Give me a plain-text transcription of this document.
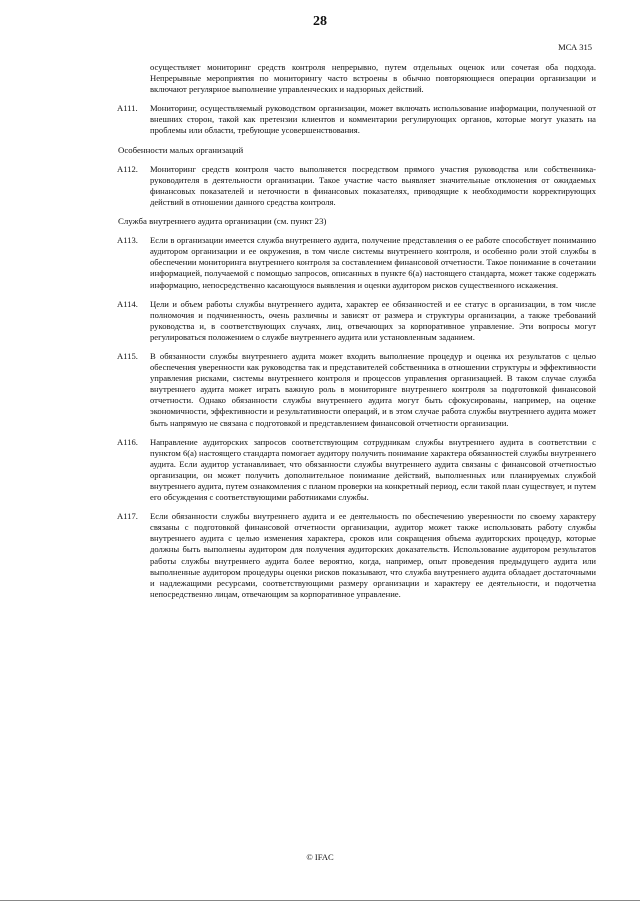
28
МСА 315

осуществляет мониторинг средств контроля непрерывно, путем отдельных оценок или сочетая оба подхода. Непрерывные мероприятия по мониторингу часто встроены в обычно повторяющиеся операции организации и включают регулярное выполнение управленческих и надзорных действий.

A111. Мониторинг, осуществляемый руководством организации, может включать использование информации, полученной от внешних сторон, такой как претензии клиентов и комментарии регулирующих органов, которые могут указать на проблемы или области, требующие усовершенствования.

Особенности малых организаций

A112. Мониторинг средств контроля часто выполняется посредством прямого участия руководства или собственника-руководителя в деятельности организации. Такое участие часто выявляет значительные отклонения от ожидаемых финансовых показателей и неточности в финансовых показателях, приводящие к необходимости корректирующих действий в отношении данного средства контроля.

Служба внутреннего аудита организации (см. пункт 23)

A113. Если в организации имеется служба внутреннего аудита, получение представления о ее работе способствует пониманию аудитором организации и ее окружения, в том числе системы внутреннего контроля, и особенно роли этой службы в обеспечении мониторинга внутреннего контроля за составлением финансовой отчетности. Такое понимание в сочетании информацией, получаемой с помощью запросов, описанных в пункте 6(а) настоящего стандарта, может также содержать информацию, непосредственно касающуюся выявления и оценки аудитором рисков существенного искажения.

A114. Цели и объем работы службы внутреннего аудита, характер ее обязанностей и ее статус в организации, в том числе полномочия и подчиненность, очень различны и зависят от размера и структуры организации, а также требований руководства и, в соответствующих случаях, лиц, отвечающих за корпоративное управление. Эти вопросы могут регулироваться положением о службе внутреннего аудита или установленным заданием.

A115. В обязанности службы внутреннего аудита может входить выполнение процедур и оценка их результатов с целью обеспечения уверенности как руководства так и представителей собственника в отношении структуры и эффективности управления рисками, системы внутреннего контроля и процессов управления организацией. В таком случае служба внутреннего аудита может играть важную роль в мониторинге внутреннего контроля за подготовкой финансовой отчетности. Однако обязанности службы внутреннего аудита могут быть сфокусированы, например, на оценке экономичности, эффективности и результативности операций, и в этом случае работа службы внутреннего аудита может быть напрямую не связана с подготовкой и представлением финансовой отчетности организации.

A116. Направление аудиторских запросов соответствующим сотрудникам службы внутреннего аудита в соответствии с пунктом 6(а) настоящего стандарта помогает аудитору получить понимание характера обязанностей службы внутреннего аудита. Если аудитор устанавливает, что обязанности службы внутреннего аудита связаны с финансовой отчетностью организации, он может получить дополнительное понимание действий, выполненных или планируемых службой внутреннего аудита, путем ознакомления с планом проверки на конкретный период, если такой план существует, и путем его обсуждения с соответствующими работниками службы.

A117. Если обязанности службы внутреннего аудита и ее деятельность по обеспечению уверенности по своему характеру связаны с подготовкой финансовой отчетности организации, аудитор может также использовать работу службы внутреннего аудита с целью изменения характера, сроков или сокращения объема аудиторских процедур, которые должны быть выполнены аудитором для получения аудиторских доказательств. Использование аудитором результатов работы службы внутреннего аудита более вероятно, когда, например, опыт проведения предыдущего аудита или выполненные аудитором процедуры оценки рисков показывают, что служба внутреннего аудита обладает достаточными и надлежащими ресурсами, соответствующими размеру организации и характеру ее деятельности, и подотчетна непосредственно лицам, отвечающим за корпоративное управление.

© IFAC
